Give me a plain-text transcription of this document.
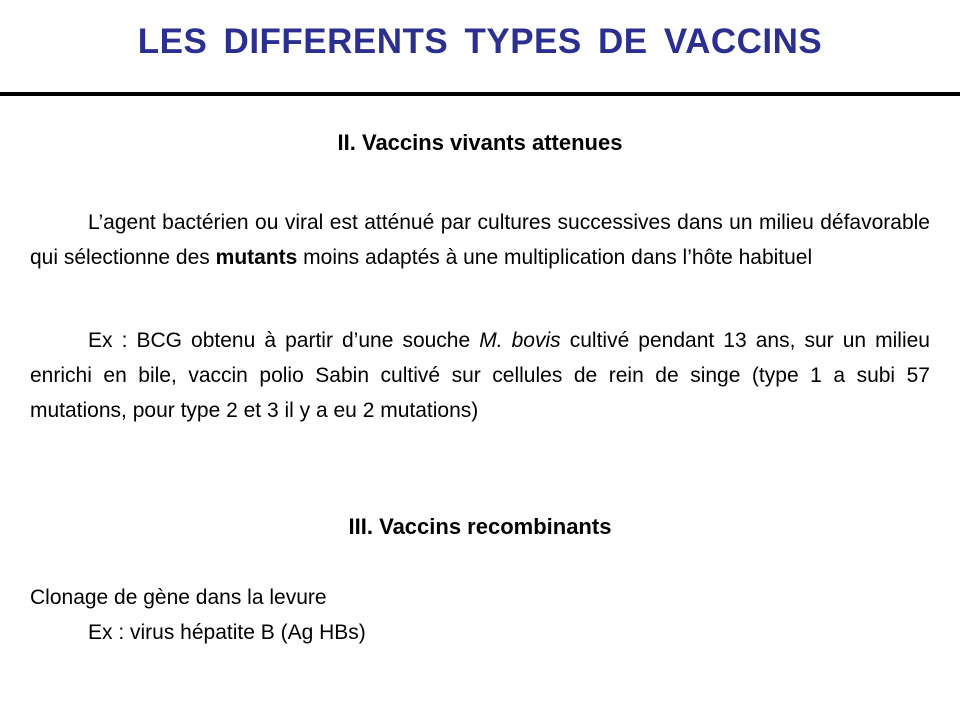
LES DIFFERENTS TYPES DE VACCINS
II. Vaccins vivants attenues

L’agent bactérien ou viral est atténué par cultures successives dans un milieu défavorable qui sélectionne des mutants moins adaptés à une multiplication dans l’hôte habituel

Ex : BCG obtenu à partir d’une souche M. bovis cultivé pendant 13 ans, sur un milieu enrichi en bile, vaccin polio Sabin cultivé sur cellules de rein de singe (type 1 a subi 57 mutations, pour type 2 et 3 il y a eu 2 mutations)

III. Vaccins recombinants

Clonage de gène dans la levure

Ex : virus hépatite B (Ag HBs)
